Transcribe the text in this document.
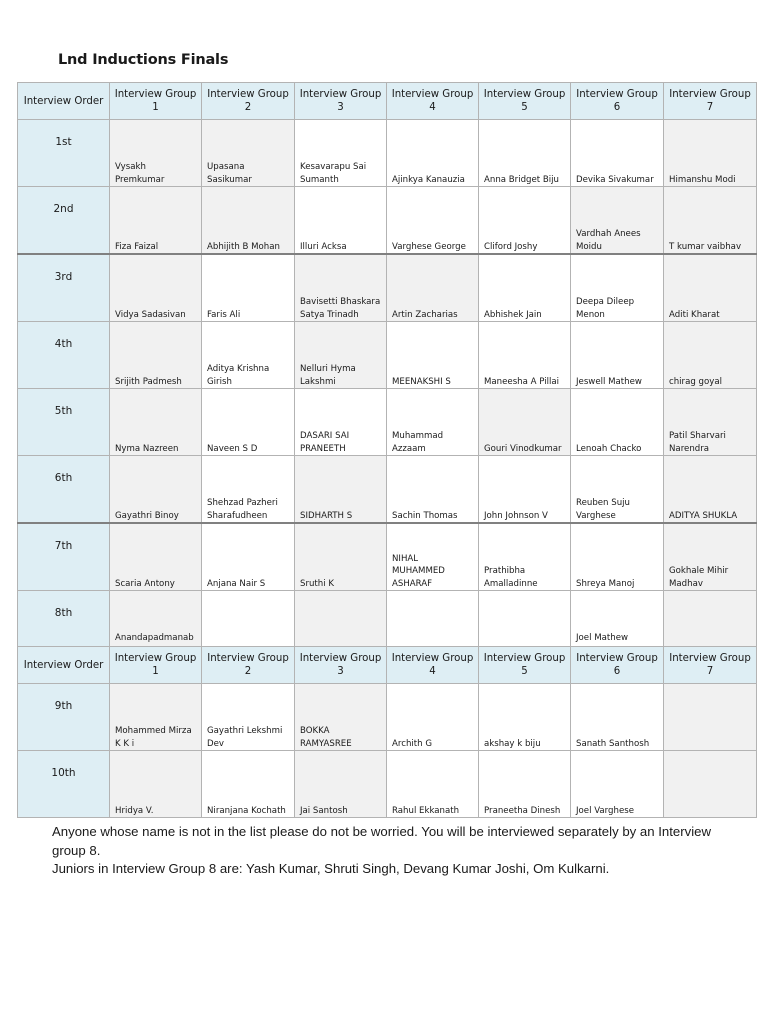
Lnd Inductions Finals
Interview Order	Interview Group 1	Interview Group 2	Interview Group 3	Interview Group 4	Interview Group 5	Interview Group 6	Interview Group 7
1st	Vysakh Premkumar	Upasana Sasikumar	Kesavarapu Sai Sumanth	Ajinkya Kanauzia	Anna Bridget Biju	Devika Sivakumar	Himanshu Modi
2nd	Fiza Faizal	Abhijith B Mohan	Illuri Acksa	Varghese George	Cliford Joshy	Vardhah Anees Moidu	T kumar vaibhav
3rd	Vidya Sadasivan	Faris Ali	Bavisetti Bhaskara Satya Trinadh	Artin Zacharias	Abhishek Jain	Deepa Dileep Menon	Aditi Kharat
4th	Srijith Padmesh	Aditya Krishna Girish	Nelluri Hyma Lakshmi	MEENAKSHI S	Maneesha A Pillai	Jeswell Mathew	chirag goyal
5th	Nyma Nazreen	Naveen S D	DASARI SAI PRANEETH	Muhammad Azzaam	Gouri Vinodkumar	Lenoah Chacko	Patil Sharvari Narendra
6th	Gayathri Binoy	Shehzad Pazheri Sharafudheen	SIDHARTH S	Sachin Thomas	John Johnson V	Reuben Suju Varghese	ADITYA SHUKLA
7th	Scaria Antony	Anjana Nair S	Sruthi K	NIHAL MUHAMMED ASHARAF	Prathibha Amalladinne	Shreya Manoj	Gokhale Mihir Madhav
8th	Anandapadmanab					Joel Mathew	
Interview Order	Interview Group 1	Interview Group 2	Interview Group 3	Interview Group 4	Interview Group 5	Interview Group 6	Interview Group 7
9th	Mohammed Mirza K K i	Gayathri Lekshmi Dev	BOKKA RAMYASREE	Archith G	akshay k biju	Sanath Santhosh	
10th	Hridya V.	Niranjana Kochath	Jai Santosh	Rahul Ekkanath	Praneetha Dinesh	Joel Varghese	

Anyone whose name is not in the list please do not be worried. You will be interviewed separately by an Interview group 8.

Juniors in Interview Group 8 are: Yash Kumar, Shruti Singh, Devang Kumar Joshi, Om Kulkarni.
